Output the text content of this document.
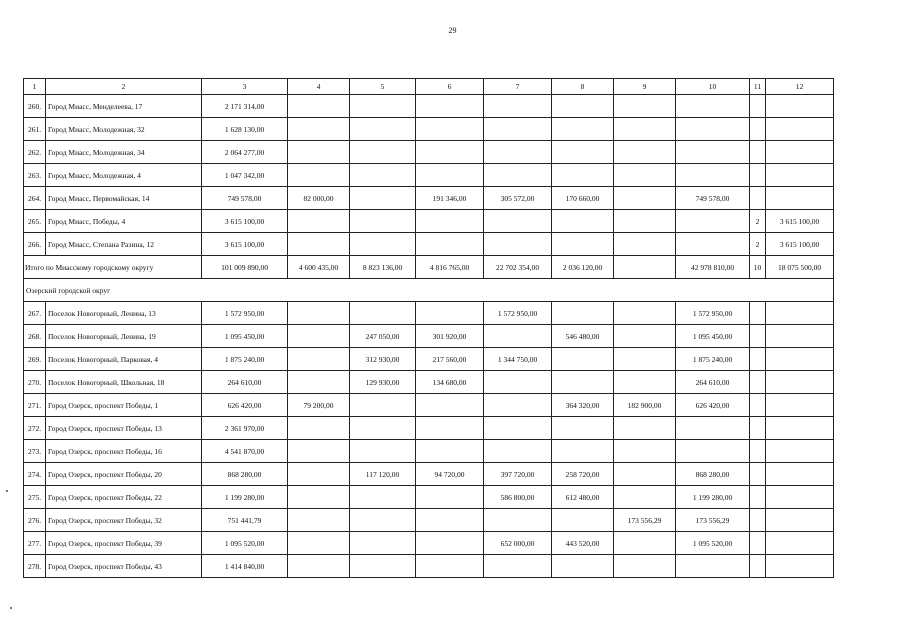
29
1	2	3	4	5	6	7	8	9	10	11	12
260.	Город Миасс, Менделеева, 17	2 171 314,00									
261.	Город Миасс, Молодежная, 32	1 628 130,00									
262.	Город Миасс, Молодежная, 34	2 064 277,00									
263.	Город Миасс, Молодежная, 4	1 047 342,00									
264.	Город Миасс, Первомайская, 14	749 578,00	82 000,00		191 346,00	305 572,00	170 660,00		749 578,00		
265.	Город Миасс, Победы, 4	3 615 100,00								2	3 615 100,00
266.	Город Миасс, Степана Разина, 12	3 615 100,00								2	3 615 100,00
Итого по Миасскому городскому округу		101 009 890,00	4 600 435,00	8 823 136,00	4 816 765,00	22 702 354,00	2 036 120,00		42 978 810,00	10	18 075 500,00
Озерский городской округ											
267.	Поселок Новогорный, Ленина, 13	1 572 950,00				1 572 950,00			1 572 950,00		
268.	Поселок Новогорный, Ленина, 19	1 095 450,00		247 050,00	301 920,00		546 480,00		1 095 450,00		
269.	Поселок Новогорный, Парковая, 4	1 875 240,00		312 930,00	217 560,00	1 344 750,00			1 875 240,00		
270.	Поселок Новогорный, Школьная, 18	264 610,00		129 930,00	134 680,00				264 610,00		
271.	Город Озерск, проспект Победы, 1	626 420,00	79 200,00				364 320,00	182 900,00	626 420,00		
272.	Город Озерск, проспект Победы, 13	2 361 970,00									
273.	Город Озерск, проспект Победы, 16	4 541 870,00									
274.	Город Озерск, проспект Победы, 20	868 280,00		117 120,00	94 720,00	397 720,00	258 720,00		868 280,00		
275.	Город Озерск, проспект Победы, 22	1 199 280,00				586 800,00	612 480,00		1 199 280,00		
276.	Город Озерск, проспект Победы, 32	751 441,79						173 556,29	173 556,29		
277.	Город Озерск, проспект Победы, 39	1 095 520,00				652 000,00	443 520,00		1 095 520,00		
278.	Город Озерск, проспект Победы, 43	1 414 840,00									
